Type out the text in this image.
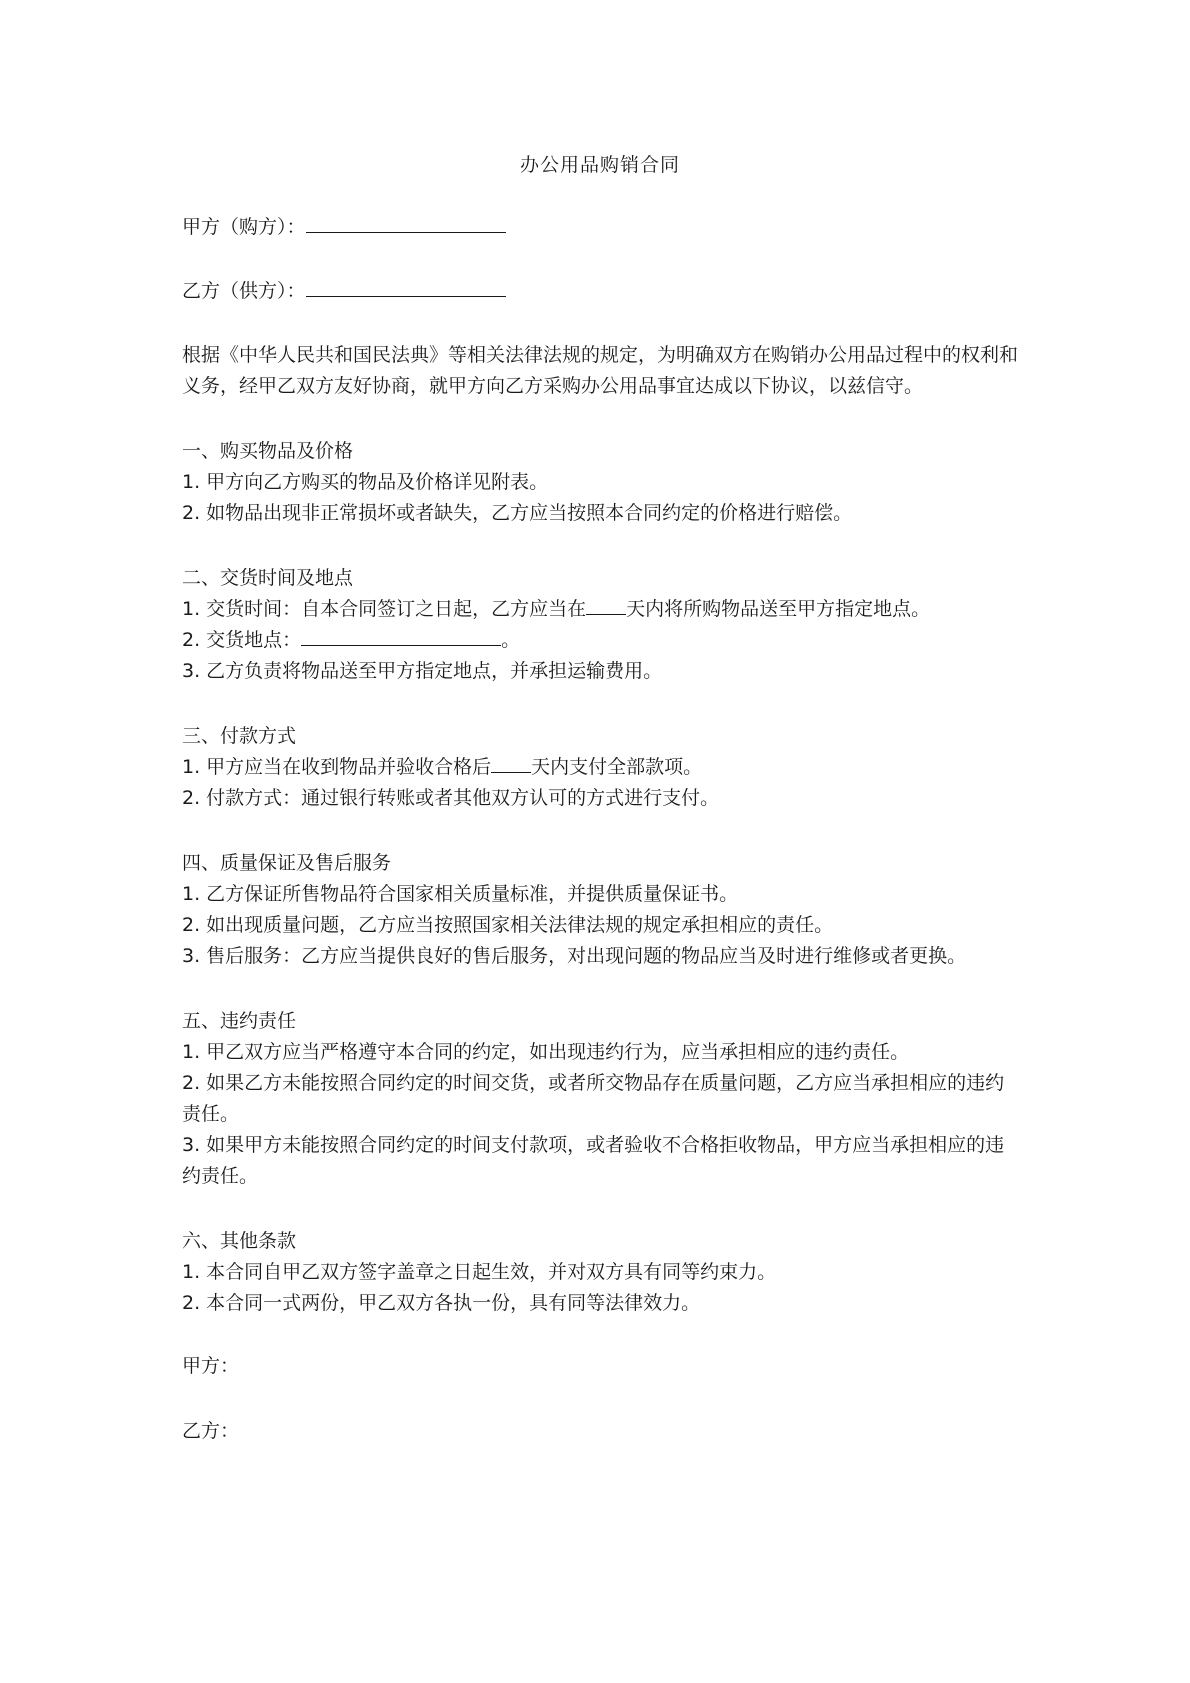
办公用品购销合同
甲方（购方）：
乙方（供方）：

根据《中华人民共和国民法典》等相关法律法规的规定，为明确双方在购销办公用品过程中的权利和义务，经甲乙双方友好协商，就甲方向乙方采购办公用品事宜达成以下协议，以兹信守。

一、购买物品及价格

1. 甲方向乙方购买的物品及价格详见附表。

2. 如物品出现非正常损坏或者缺失，乙方应当按照本合同约定的价格进行赔偿。

二、交货时间及地点

1. 交货时间：自本合同签订之日起，乙方应当在 天内将所购物品送至甲方指定地点。

2. 交货地点：	。

3. 乙方负责将物品送至甲方指定地点，并承担运输费用。

三、付款方式

1. 甲方应当在收到物品并验收合格后 天内支付全部款项。

2. 付款方式：通过银行转账或者其他双方认可的方式进行支付。

四、质量保证及售后服务

1. 乙方保证所售物品符合国家相关质量标准，并提供质量保证书。

2. 如出现质量问题，乙方应当按照国家相关法律法规的规定承担相应的责任。

3. 售后服务：乙方应当提供良好的售后服务，对出现问题的物品应当及时进行维修或者更换。

五、违约责任

1. 甲乙双方应当严格遵守本合同的约定，如出现违约行为，应当承担相应的违约责任。

2. 如果乙方未能按照合同约定的时间交货，或者所交物品存在质量问题，乙方应当承担相应的违约责任。

3. 如果甲方未能按照合同约定的时间支付款项，或者验收不合格拒收物品，甲方应当承担相应的违约责任。

六、其他条款

1. 本合同自甲乙双方签字盖章之日起生效，并对双方具有同等约束力。

2. 本合同一式两份，甲乙双方各执一份，具有同等法律效力。

甲方：
乙方：
